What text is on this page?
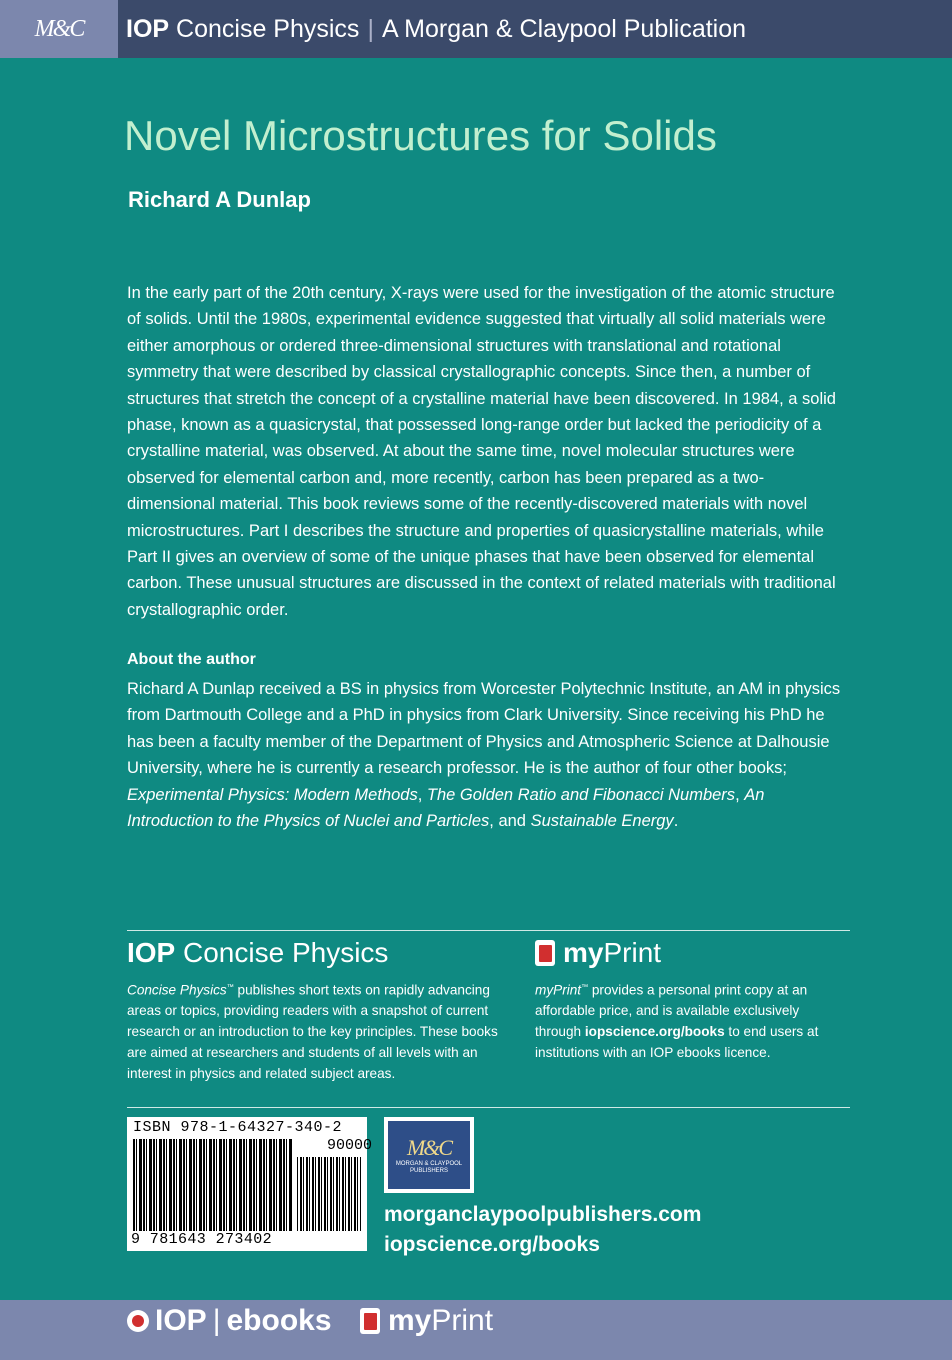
M&C IOP Concise Physics | A Morgan & Claypool Publication
Novel Microstructures for Solids
Richard A Dunlap

In the early part of the 20th century, X-rays were used for the investigation of the atomic structure of solids. Until the 1980s, experimental evidence suggested that virtually all solid materials were either amorphous or ordered three-dimensional structures with translational and rotational symmetry that were described by classical crystallographic concepts. Since then, a number of structures that stretch the concept of a crystalline material have been discovered. In 1984, a solid phase, known as a quasicrystal, that possessed long-range order but lacked the periodicity of a crystalline material, was observed. At about the same time, novel molecular structures were observed for elemental carbon and, more recently, carbon has been prepared as a two-dimensional material. This book reviews some of the recently-discovered materials with novel microstructures. Part I describes the structure and properties of quasicrystalline materials, while Part II gives an overview of some of the unique phases that have been observed for elemental carbon. These unusual structures are discussed in the context of related materials with traditional crystallographic order.

About the author

Richard A Dunlap received a BS in physics from Worcester Polytechnic Institute, an AM in physics from Dartmouth College and a PhD in physics from Clark University. Since receiving his PhD he has been a faculty member of the Department of Physics and Atmospheric Science at Dalhousie University, where he is currently a research professor. He is the author of four other books; Experimental Physics: Modern Methods, The Golden Ratio and Fibonacci Numbers, An Introduction to the Physics of Nuclei and Particles, and Sustainable Energy.

IOP Concise Physics

Concise Physics™ publishes short texts on rapidly advancing areas or topics, providing readers with a snapshot of current research or an introduction to the key principles. These books are aimed at researchers and students of all levels with an interest in physics and related subject areas.

my Print

myPrint™ provides a personal print copy at an affordable price, and is available exclusively through iopscience.org/books to end users at institutions with an IOP ebooks licence.

ISBN 978-1-64327-340-2
90000
9 781643 273402
M&C
MORGAN & CLAYPOOL PUBLISHERS
morganclaypoolpublishers.com
iopscience.org/books
IOP | ebooks my Print
